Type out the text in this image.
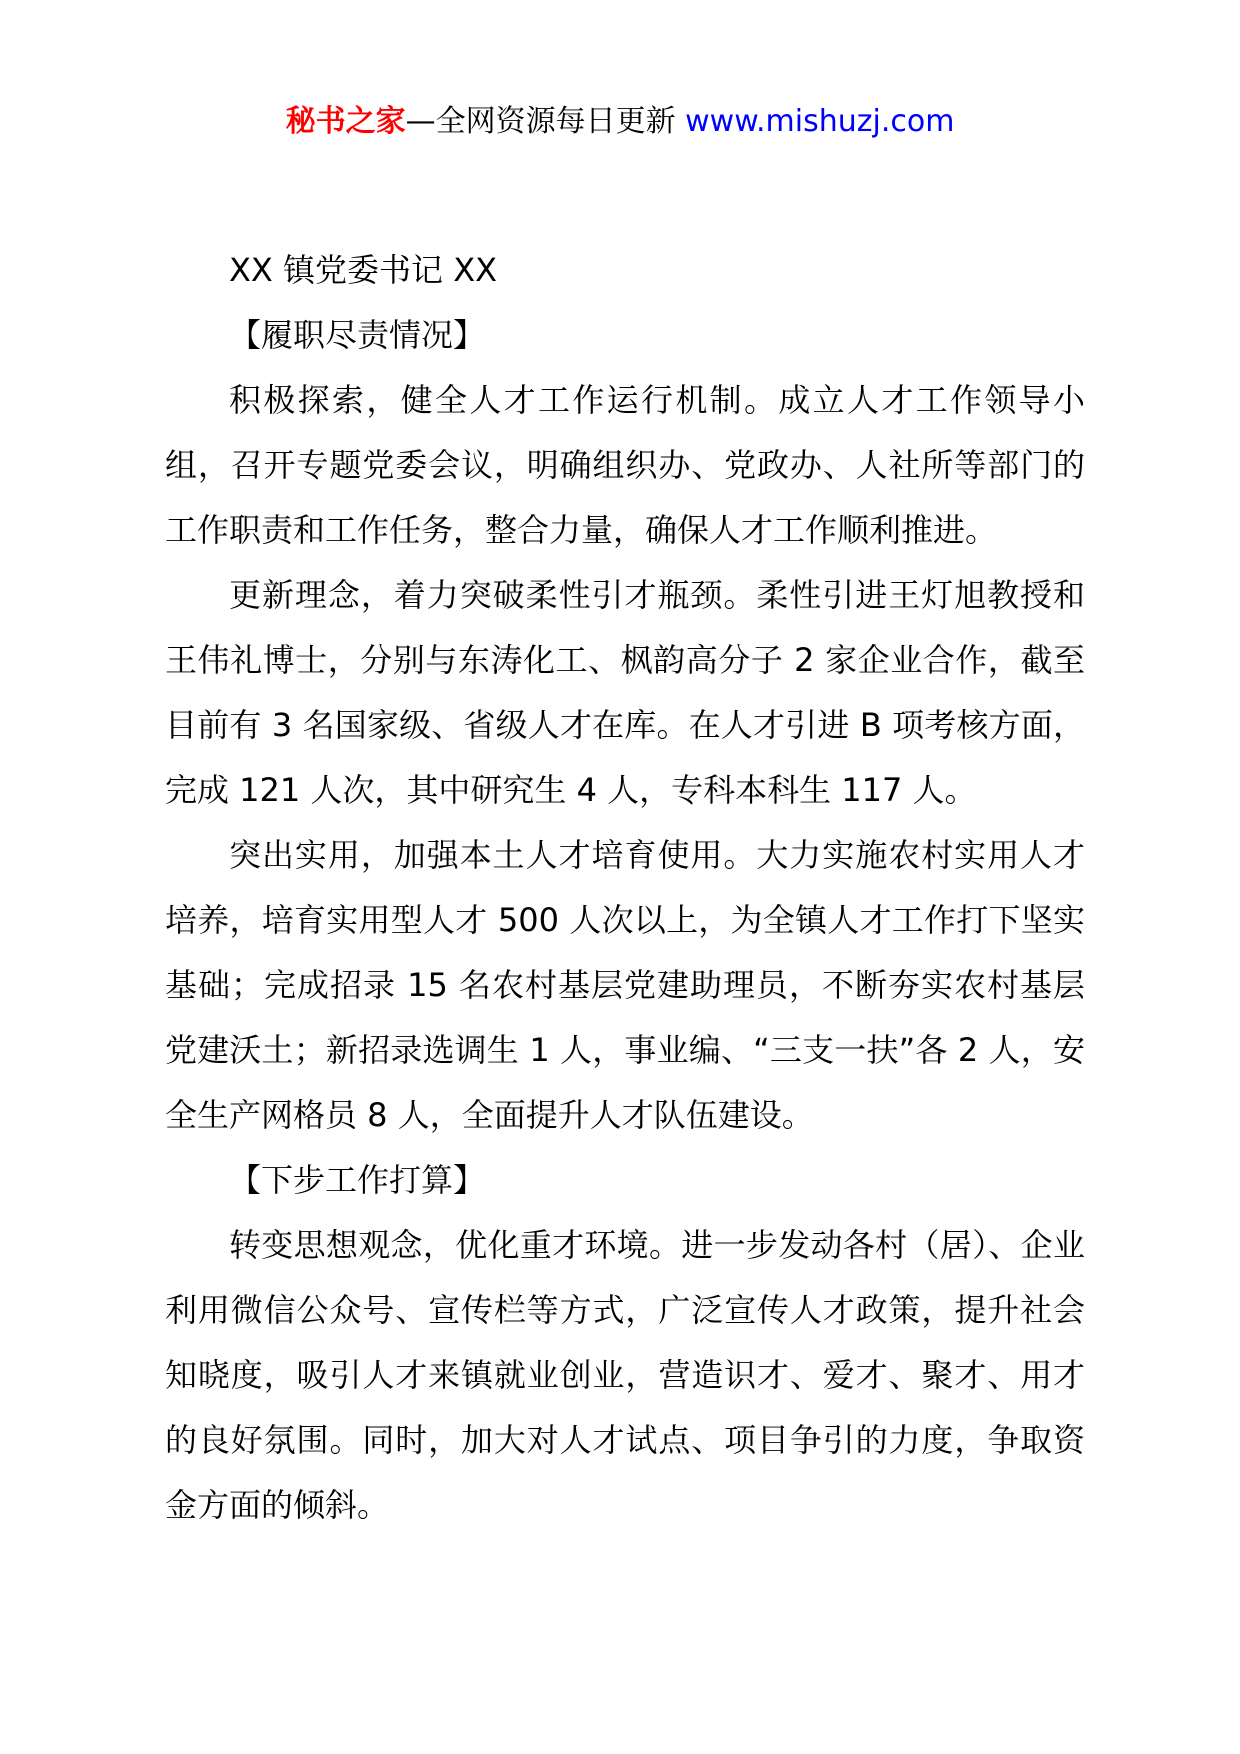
秘书之家—全网资源每日更新 www.mishuzj.com

XX 镇党委书记 XX

【履职尽责情况】

积极探索，健全人才工作运行机制。成立人才工作领导小组，召开专题党委会议，明确组织办、党政办、人社所等部门的工作职责和工作任务，整合力量，确保人才工作顺利推进。

更新理念，着力突破柔性引才瓶颈。柔性引进王灯旭教授和王伟礼博士，分别与东涛化工、枫韵高分子 2 家企业合作，截至目前有 3 名国家级、省级人才在库。在人才引进 B 项考核方面，完成 121 人次，其中研究生 4 人，专科本科生 117 人。

突出实用，加强本土人才培育使用。大力实施农村实用人才培养，培育实用型人才 500 人次以上，为全镇人才工作打下坚实基础；完成招录 15 名农村基层党建助理员，不断夯实农村基层党建沃土；新招录选调生 1 人，事业编、“三支一扶”各 2 人，安全生产网格员 8 人，全面提升人才队伍建设。

【下步工作打算】

转变思想观念，优化重才环境。进一步发动各村（居）、企业利用微信公众号、宣传栏等方式，广泛宣传人才政策，提升社会知晓度，吸引人才来镇就业创业，营造识才、爱才、聚才、用才的良好氛围。同时，加大对人才试点、项目争引的力度，争取资金方面的倾斜。
